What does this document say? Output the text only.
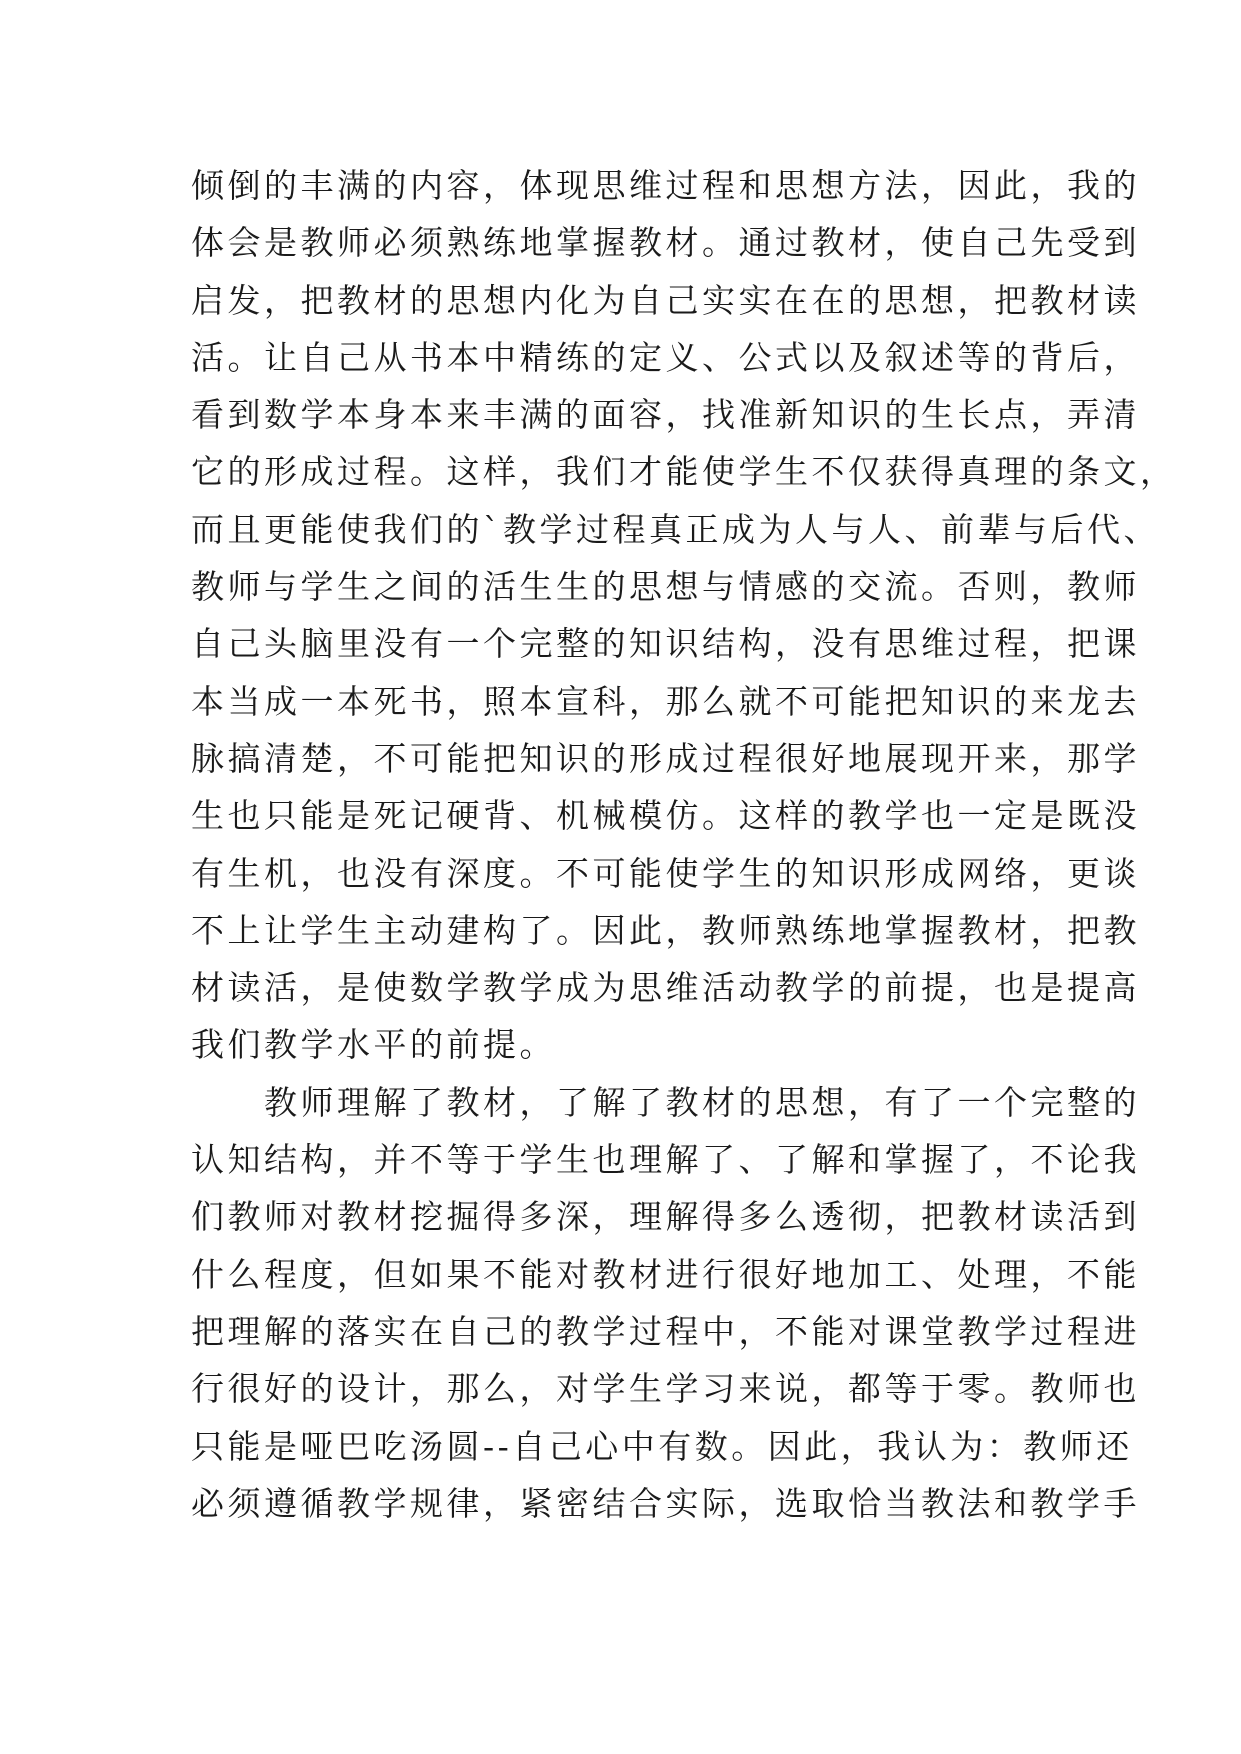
倾倒的丰满的内容，体现思维过程和思想方法，因此，我的
体会是教师必须熟练地掌握教材。通过教材，使自己先受到
启发，把教材的思想内化为自己实实在在的思想，把教材读
活。让自己从书本中精练的定义、公式以及叙述等的背后，
看到数学本身本来丰满的面容，找准新知识的生长点，弄清
它的形成过程。这样，我们才能使学生不仅获得真理的条文，
而且更能使我们的`教学过程真正成为人与人、前辈与后代、
教师与学生之间的活生生的思想与情感的交流。否则，教师
自己头脑里没有一个完整的知识结构，没有思维过程，把课
本当成一本死书，照本宣科，那么就不可能把知识的来龙去
脉搞清楚，不可能把知识的形成过程很好地展现开来，那学
生也只能是死记硬背、机械模仿。这样的教学也一定是既没
有生机，也没有深度。不可能使学生的知识形成网络，更谈
不上让学生主动建构了。因此，教师熟练地掌握教材，把教
材读活，是使数学教学成为思维活动教学的前提，也是提高
我们教学水平的前提。
　　教师理解了教材，了解了教材的思想，有了一个完整的
认知结构，并不等于学生也理解了、了解和掌握了，不论我
们教师对教材挖掘得多深，理解得多么透彻，把教材读活到
什么程度，但如果不能对教材进行很好地加工、处理，不能
把理解的落实在自己的教学过程中，不能对课堂教学过程进
行很好的设计，那么，对学生学习来说，都等于零。教师也
只能是哑巴吃汤圆--自己心中有数。因此，我认为：教师还
必须遵循教学规律，紧密结合实际，选取恰当教法和教学手
